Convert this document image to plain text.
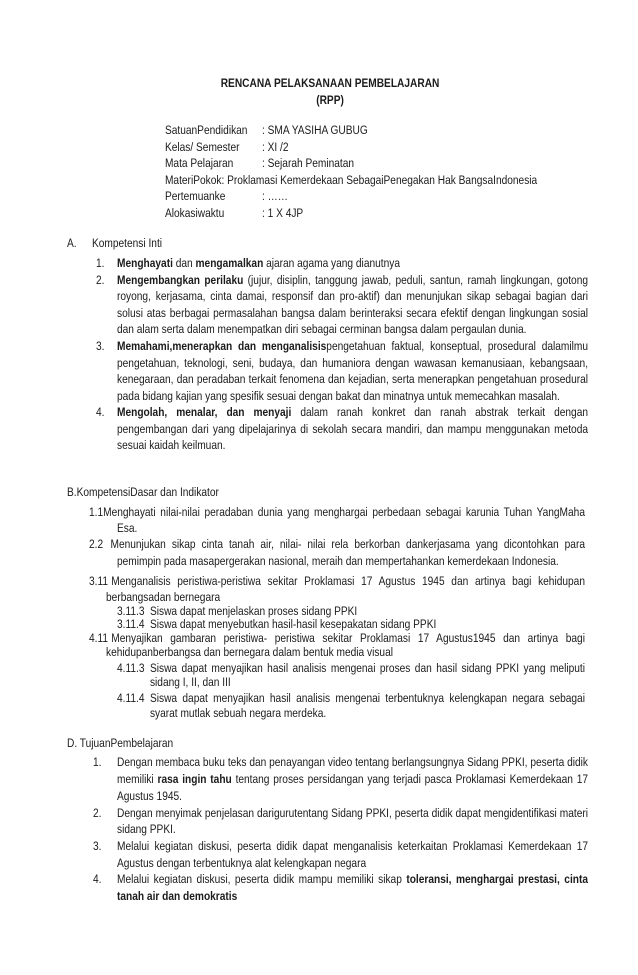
RENCANA PELAKSANAAN PEMBELAJARAN
(RPP)
SatuanPendidikan	: SMA YASIHA GUBUG
Kelas/ Semester	: XI /2
Mata Pelajaran	: Sejarah Peminatan
MateriPokok: Proklamasi Kemerdekaan SebagaiPenegakan Hak BangsaIndonesia
Pertemuanke	: ……
Alokasiwaktu	: 1 X 4JP
A.	Kompetensi Inti
1.	Menghayati dan mengamalkan ajaran agama yang dianutnya
2.	Mengembangkan perilaku (jujur, disiplin, tanggung jawab, peduli, santun, ramah lingkungan, gotong royong, kerjasama, cinta damai, responsif dan pro-aktif) dan menunjukan sikap sebagai bagian dari solusi atas berbagai permasalahan bangsa dalam berinteraksi secara efektif dengan lingkungan sosial dan alam serta dalam menempatkan diri sebagai cerminan bangsa dalam pergaulan dunia.
3.	Memahami,menerapkan dan menganalisispengetahuan faktual, konseptual, prosedural dalamilmu pengetahuan, teknologi, seni, budaya, dan humaniora dengan wawasan kemanusiaan, kebangsaan, kenegaraan, dan peradaban terkait fenomena dan kejadian, serta menerapkan pengetahuan prosedural pada bidang kajian yang spesifik sesuai dengan bakat dan minatnya untuk memecahkan masalah.
4.	Mengolah, menalar, dan menyaji dalam ranah konkret dan ranah abstrak terkait dengan pengembangan dari yang dipelajarinya di sekolah secara mandiri, dan mampu menggunakan metoda sesuai kaidah keilmuan.
B.KompetensiDasar dan Indikator
1.1Menghayati nilai-nilai peradaban dunia yang menghargai perbedaan sebagai karunia Tuhan YangMaha Esa.
2.2 Menunjukan sikap cinta tanah air, nilai- nilai rela berkorban dankerjasama yang dicontohkan para pemimpin pada masapergerakan nasional, meraih dan mempertahankan kemerdekaan Indonesia.
3.11 Menganalisis peristiwa-peristiwa sekitar Proklamasi 17 Agustus 1945 dan artinya bagi kehidupan berbangsadan bernegara
3.11.3 Siswa dapat menjelaskan proses sidang PPKI
3.11.4 Siswa dapat menyebutkan hasil-hasil kesepakatan sidang PPKI
4.11 Menyajikan gambaran peristiwa- peristiwa sekitar Proklamasi 17 Agustus1945 dan artinya bagi kehidupanberbangsa dan bernegara dalam bentuk media visual
4.11.3 Siswa dapat menyajikan hasil analisis mengenai proses dan hasil sidang PPKI yang meliputi sidang I, II, dan III
4.11.4 Siswa dapat menyajikan hasil analisis mengenai terbentuknya kelengkapan negara sebagai syarat mutlak sebuah negara merdeka.
D. TujuanPembelajaran
1.	Dengan membaca buku teks dan penayangan video tentang berlangsungnya Sidang PPKI, peserta didik memiliki rasa ingin tahu tentang proses persidangan yang terjadi pasca Proklamasi Kemerdekaan 17 Agustus 1945.
2.	Dengan menyimak penjelasan darigurutentang Sidang PPKI, peserta didik dapat mengidentifikasi materi sidang PPKI.
3.	Melalui kegiatan diskusi, peserta didik dapat menganalisis keterkaitan Proklamasi Kemerdekaan 17 Agustus dengan terbentuknya alat kelengkapan negara
4.	Melalui kegiatan diskusi, peserta didik mampu memiliki sikap toleransi, menghargai prestasi, cinta tanah air dan demokratis
